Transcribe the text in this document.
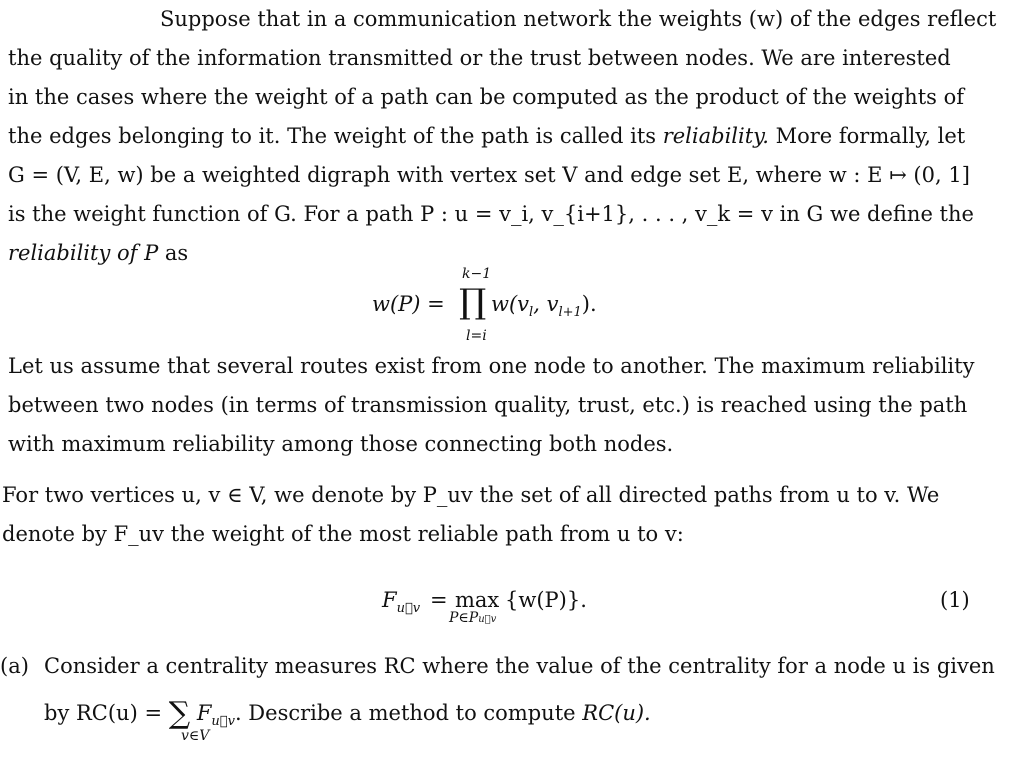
Suppose that in a communication network the weights (w) of the edges reflect
the quality of the information transmitted or the trust between nodes. We are interested
in the cases where the weight of a path can be computed as the product of the weights of
the edges belonging to it. The weight of the path is called its reliability. More formally, let
G = (V, E, w) be a weighted digraph with vertex set V and edge set E, where w : E ↦ (0, 1]
is the weight function of G. For a path P : u = v_i, v_{i+1}, . . . , v_k = v in G we define the
reliability of P as
w(P) =
k−1
∏
l=i
$w(v_l$, $v_{l+1}$).
Let us assume that several routes exist from one node to another. The maximum reliability
between two nodes (in terms of transmission quality, trust, etc.) is reached using the path
with maximum reliability among those connecting both nodes.
For two vertices u, v ∈ V, we denote by P_uv the set of all directed paths from u to v. We
denote by F_uv the weight of the most reliable path from u to v:
$F_{u⃗v} = \max$
P∈Pu⃗v
{w(P)}.	(1)
(a) Consider a centrality measures RC where the value of the centrality for a node u is given
by RC(u) = ∑ $F_{u⃗v}$. Describe a method to compute RC(u).
v∈V
